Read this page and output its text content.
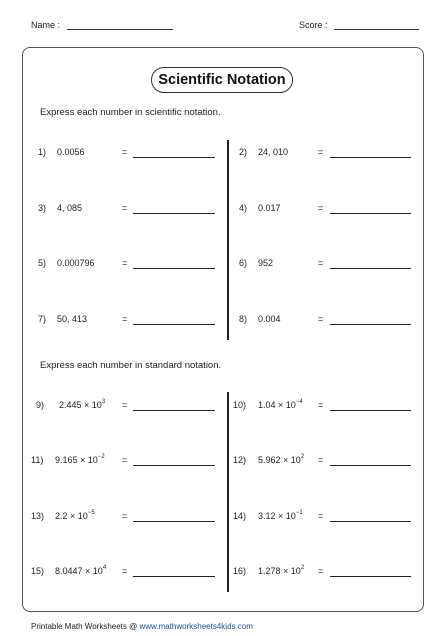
Name :	Score :
Scientific Notation
Express each number in scientific notation.
1) 0.0056	=
3) 4, 085	=
5) 0.000796	=
7) 50, 413	=
2) 24, 010	=
4) 0.017	=
6) 952	=
8) 0.004	=
Express each number in standard notation.
9) $2.445 \times 10^3$ =
11) $9.165 \times 10^{-2}$ =
13) $2.2 \times 10^{-5}$	=
15) $8.0447 \times 10^4$ =
10) $1.04 \times 10^{-4}$ =
12) $5.962 \times 10^2$ =
14) $3.12 \times 10^{-1}$ =
16) $1.278 \times 10^2$ =
Printable Math Worksheets @ www.mathworksheets4kids.com
